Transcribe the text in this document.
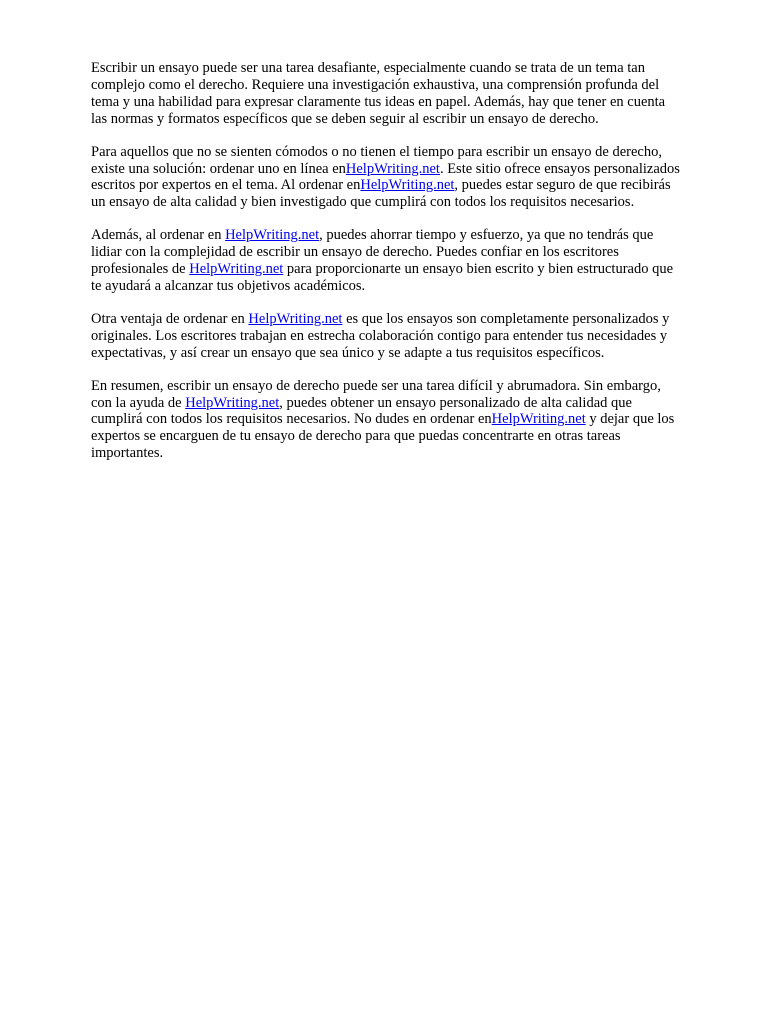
Escribir un ensayo puede ser una tarea desafiante, especialmente cuando se trata de un tema tan
complejo como el derecho. Requiere una investigación exhaustiva, una comprensión profunda del
tema y una habilidad para expresar claramente tus ideas en papel. Además, hay que tener en cuenta
las normas y formatos específicos que se deben seguir al escribir un ensayo de derecho.
Para aquellos que no se sienten cómodos o no tienen el tiempo para escribir un ensayo de derecho,
existe una solución: ordenar uno en línea enHelpWriting.net. Este sitio ofrece ensayos personalizados
escritos por expertos en el tema. Al ordenar enHelpWriting.net, puedes estar seguro de que recibirás
un ensayo de alta calidad y bien investigado que cumplirá con todos los requisitos necesarios.
Además, al ordenar en HelpWriting.net, puedes ahorrar tiempo y esfuerzo, ya que no tendrás que
lidiar con la complejidad de escribir un ensayo de derecho. Puedes confiar en los escritores
profesionales de HelpWriting.net para proporcionarte un ensayo bien escrito y bien estructurado que
te ayudará a alcanzar tus objetivos académicos.
Otra ventaja de ordenar en HelpWriting.net es que los ensayos son completamente personalizados y
originales. Los escritores trabajan en estrecha colaboración contigo para entender tus necesidades y
expectativas, y así crear un ensayo que sea único y se adapte a tus requisitos específicos.
En resumen, escribir un ensayo de derecho puede ser una tarea difícil y abrumadora. Sin embargo,
con la ayuda de HelpWriting.net, puedes obtener un ensayo personalizado de alta calidad que
cumplirá con todos los requisitos necesarios. No dudes en ordenar enHelpWriting.net y dejar que los
expertos se encarguen de tu ensayo de derecho para que puedas concentrarte en otras tareas
importantes.
